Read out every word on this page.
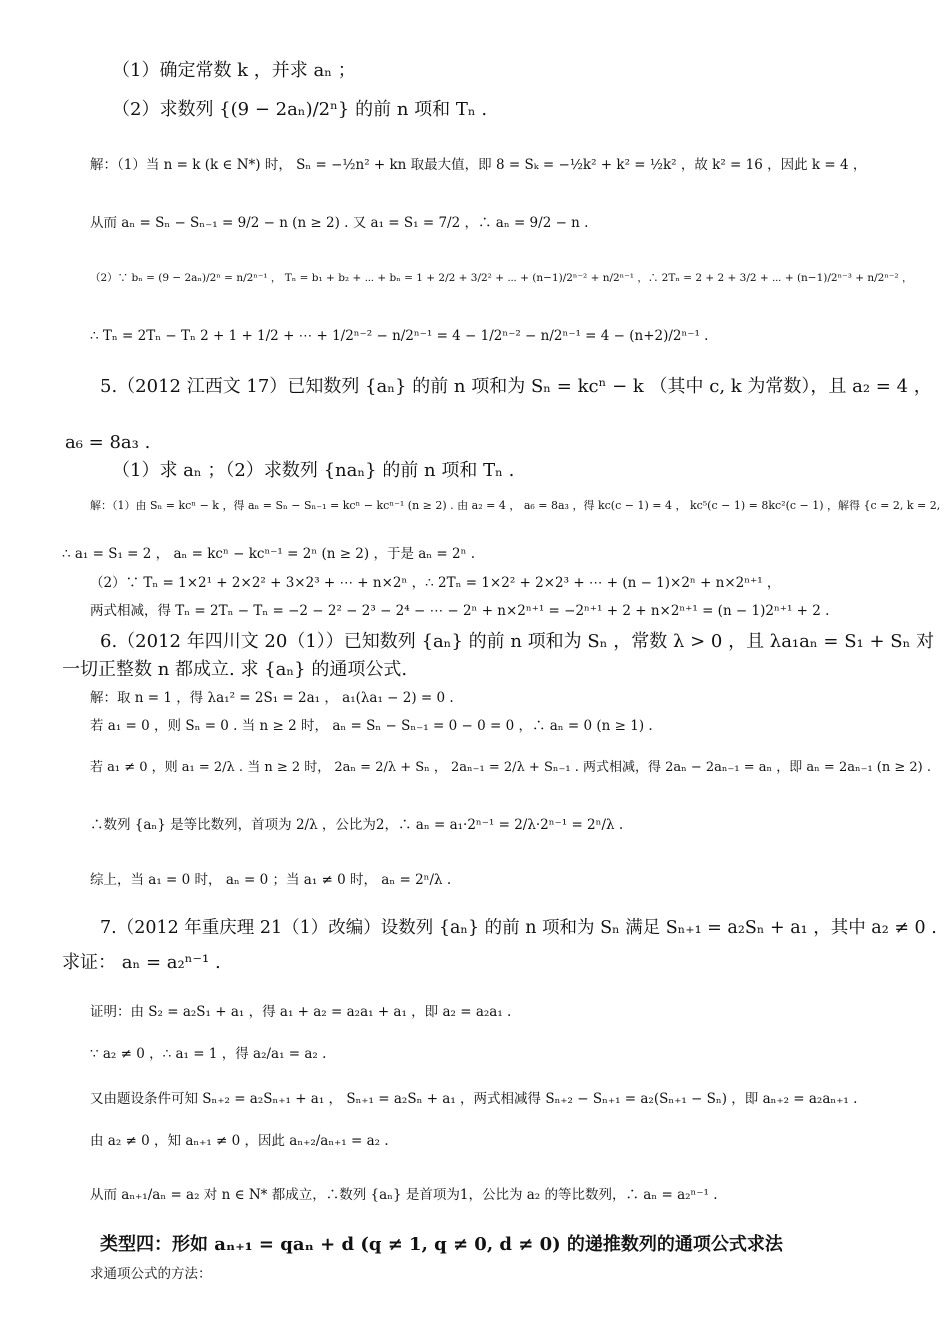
（1）确定常数 k ，并求 aₙ ；
（2）求数列 {(9 − 2aₙ)/2ⁿ} 的前 n 项和 Tₙ .
解：（1）当 n = k (k ∈ N*) 时， Sₙ = −½n² + kn 取最大值，即 8 = Sₖ = −½k² + k² = ½k² ，故 k² = 16 ，因此 k = 4 ，
从而 aₙ = Sₙ − Sₙ₋₁ = 9/2 − n (n ≥ 2) . 又 a₁ = S₁ = 7/2 ，∴ aₙ = 9/2 − n .
（2）∵ bₙ = (9 − 2aₙ)/2ⁿ = n/2ⁿ⁻¹ ， Tₙ = b₁ + b₂ + ⋯ + bₙ = 1 + 2/2 + 3/2² + ⋯ + (n−1)/2ⁿ⁻² + n/2ⁿ⁻¹ ，∴ 2Tₙ = 2 + 2 + 3/2 + ⋯ + (n−1)/2ⁿ⁻³ + n/2ⁿ⁻² ，
∴ Tₙ = 2Tₙ − Tₙ 2 + 1 + 1/2 + ⋯ + 1/2ⁿ⁻² − n/2ⁿ⁻¹ = 4 − 1/2ⁿ⁻² − n/2ⁿ⁻¹ = 4 − (n+2)/2ⁿ⁻¹ .
5.（2012 江西文 17）已知数列 {aₙ} 的前 n 项和为 Sₙ = kcⁿ − k （其中 c, k 为常数），且 a₂ = 4 ，
a₆ = 8a₃ .
（1）求 aₙ ；（2）求数列 {naₙ} 的前 n 项和 Tₙ .
解：（1）由 Sₙ = kcⁿ − k ，得 aₙ = Sₙ − Sₙ₋₁ = kcⁿ − kcⁿ⁻¹ (n ≥ 2) . 由 a₂ = 4 ， a₆ = 8a₃ ，得 kc(c − 1) = 4 ， kc⁵(c − 1) = 8kc²(c − 1) ，解得 {c = 2, k = 2,
∴ a₁ = S₁ = 2 ， aₙ = kcⁿ − kcⁿ⁻¹ = 2ⁿ (n ≥ 2) ，于是 aₙ = 2ⁿ .
（2）∵ Tₙ = 1×2¹ + 2×2² + 3×2³ + ⋯ + n×2ⁿ ，∴ 2Tₙ = 1×2² + 2×2³ + ⋯ + (n − 1)×2ⁿ + n×2ⁿ⁺¹ ，
两式相减，得 Tₙ = 2Tₙ − Tₙ = −2 − 2² − 2³ − 2⁴ − ⋯ − 2ⁿ + n×2ⁿ⁺¹ = −2ⁿ⁺¹ + 2 + n×2ⁿ⁺¹ = (n − 1)2ⁿ⁺¹ + 2 .
6.（2012 年四川文 20（1））已知数列 {aₙ} 的前 n 项和为 Sₙ ，常数 λ > 0 ，且 λa₁aₙ = S₁ + Sₙ 对
一切正整数 n 都成立. 求 {aₙ} 的通项公式.
解：取 n = 1 ，得 λa₁² = 2S₁ = 2a₁ ， a₁(λa₁ − 2) = 0 .
若 a₁ = 0 ，则 Sₙ = 0 . 当 n ≥ 2 时， aₙ = Sₙ − Sₙ₋₁ = 0 − 0 = 0 ，∴ aₙ = 0 (n ≥ 1) .
若 a₁ ≠ 0 ，则 a₁ = 2/λ . 当 n ≥ 2 时， 2aₙ = 2/λ + Sₙ ， 2aₙ₋₁ = 2/λ + Sₙ₋₁ . 两式相减，得 2aₙ − 2aₙ₋₁ = aₙ ，即 aₙ = 2aₙ₋₁ (n ≥ 2) .
∴数列 {aₙ} 是等比数列，首项为 2/λ ，公比为2，∴ aₙ = a₁·2ⁿ⁻¹ = 2/λ·2ⁿ⁻¹ = 2ⁿ/λ .
综上，当 a₁ = 0 时， aₙ = 0 ；当 a₁ ≠ 0 时， aₙ = 2ⁿ/λ .
7.（2012 年重庆理 21（1）改编）设数列 {aₙ} 的前 n 项和为 Sₙ 满足 Sₙ₊₁ = a₂Sₙ + a₁ ，其中 a₂ ≠ 0 .
求证： aₙ = a₂ⁿ⁻¹ .
证明：由 S₂ = a₂S₁ + a₁ ，得 a₁ + a₂ = a₂a₁ + a₁ ，即 a₂ = a₂a₁ .
∵ a₂ ≠ 0 ，∴ a₁ = 1 ，得 a₂/a₁ = a₂ .
又由题设条件可知 Sₙ₊₂ = a₂Sₙ₊₁ + a₁ ， Sₙ₊₁ = a₂Sₙ + a₁ ，两式相减得 Sₙ₊₂ − Sₙ₊₁ = a₂(Sₙ₊₁ − Sₙ) ，即 aₙ₊₂ = a₂aₙ₊₁ .
由 a₂ ≠ 0 ，知 aₙ₊₁ ≠ 0 ，因此 aₙ₊₂/aₙ₊₁ = a₂ .
从而 aₙ₊₁/aₙ = a₂ 对 n ∈ N* 都成立，∴数列 {aₙ} 是首项为1，公比为 a₂ 的等比数列，∴ aₙ = a₂ⁿ⁻¹ .
类型四：形如 aₙ₊₁ = qaₙ + d (q ≠ 1, q ≠ 0, d ≠ 0) 的递推数列的通项公式求法
求通项公式的方法：
